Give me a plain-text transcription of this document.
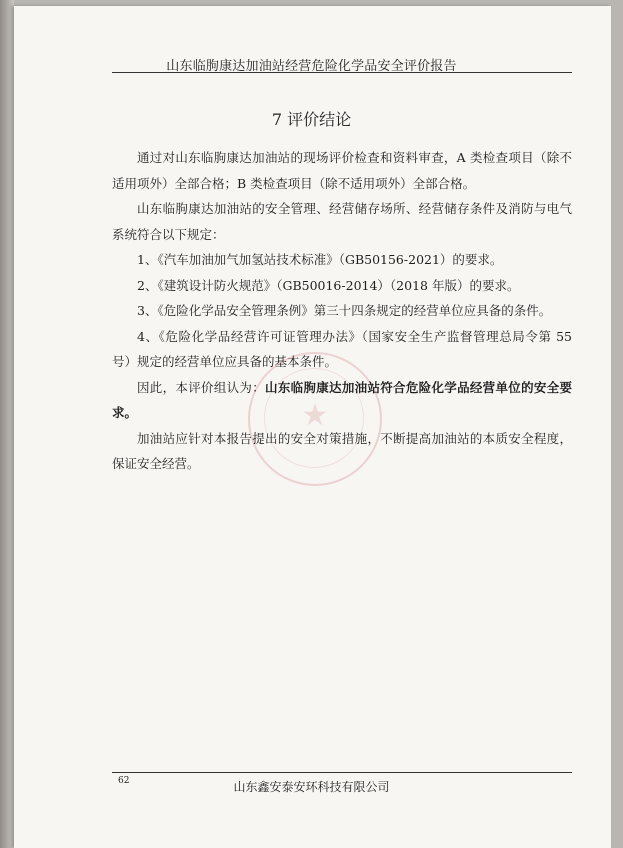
山东临朐康达加油站经营危险化学品安全评价报告
7 评价结论
★

通过对山东临朐康达加油站的现场评价检查和资料审查，A 类检查项目（除不适用项外）全部合格；B 类检查项目（除不适用项外）全部合格。

山东临朐康达加油站的安全管理、经营储存场所、经营储存条件及消防与电气系统符合以下规定：

1、《汽车加油加气加氢站技术标准》（GB50156-2021）的要求。

2、《建筑设计防火规范》（GB50016-2014）（2018 年版）的要求。

3、《危险化学品安全管理条例》第三十四条规定的经营单位应具备的条件。

4、《危险化学品经营许可证管理办法》（国家安全生产监督管理总局令第 55 号）规定的经营单位应具备的基本条件。

因此，本评价组认为：山东临朐康达加油站符合危险化学品经营单位的安全要求。

加油站应针对本报告提出的安全对策措施，不断提高加油站的本质安全程度，保证安全经营。

62	山东鑫安泰安环科技有限公司
